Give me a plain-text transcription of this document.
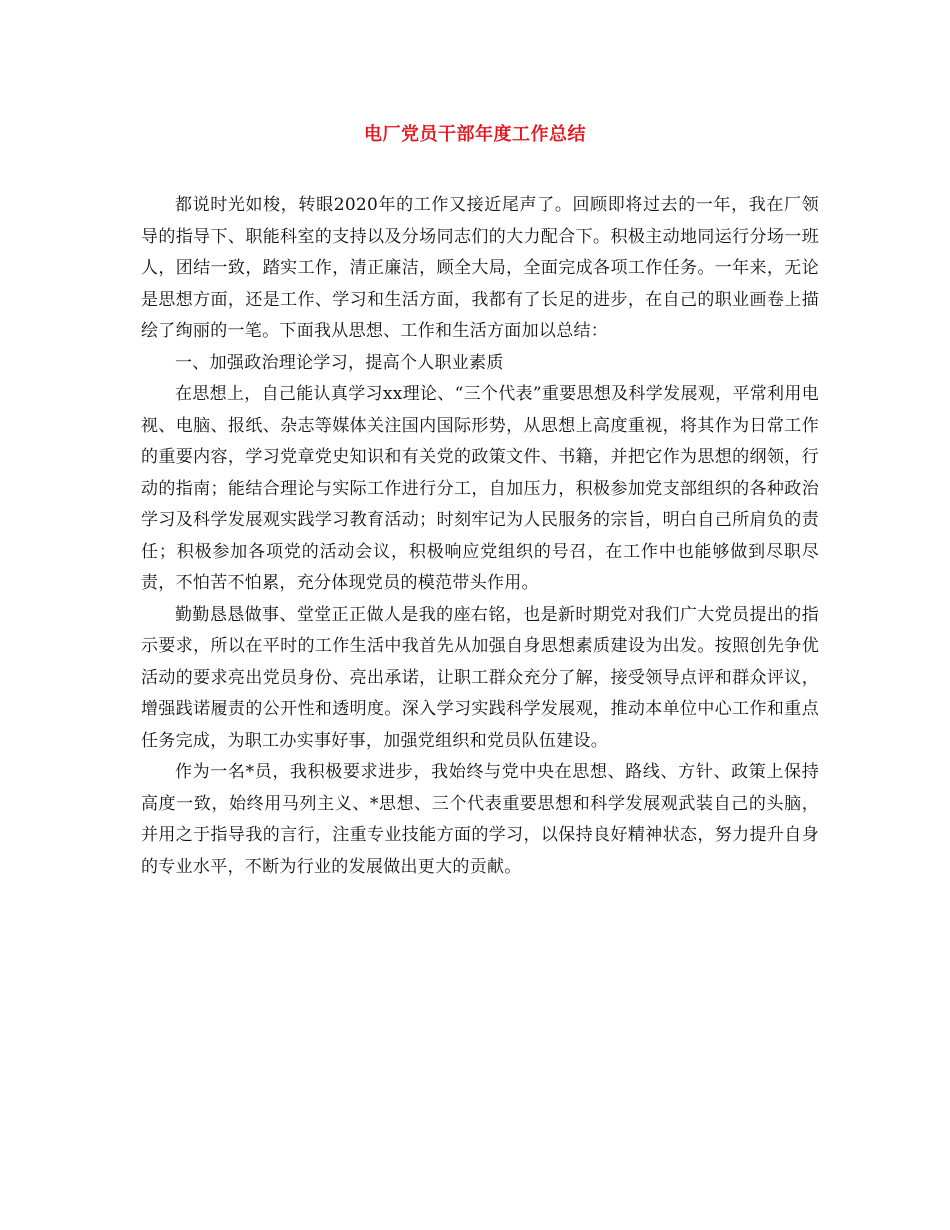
电厂党员干部年度工作总结

都说时光如梭，转眼2020年的工作又接近尾声了。回顾即将过去的一年，我在厂领导的指导下、职能科室的支持以及分场同志们的大力配合下。积极主动地同运行分场一班人，团结一致，踏实工作，清正廉洁，顾全大局，全面完成各项工作任务。一年来，无论是思想方面，还是工作、学习和生活方面，我都有了长足的进步，在自己的职业画卷上描绘了绚丽的一笔。下面我从思想、工作和生活方面加以总结：

一、加强政治理论学习，提高个人职业素质

在思想上，自己能认真学习xx理论、“三个代表”重要思想及科学发展观，平常利用电视、电脑、报纸、杂志等媒体关注国内国际形势，从思想上高度重视，将其作为日常工作的重要内容，学习党章党史知识和有关党的政策文件、书籍，并把它作为思想的纲领，行动的指南；能结合理论与实际工作进行分工，自加压力，积极参加党支部组织的各种政治学习及科学发展观实践学习教育活动；时刻牢记为人民服务的宗旨，明白自己所肩负的责任；积极参加各项党的活动会议，积极响应党组织的号召，在工作中也能够做到尽职尽责，不怕苦不怕累，充分体现党员的模范带头作用。

勤勤恳恳做事、堂堂正正做人是我的座右铭，也是新时期党对我们广大党员提出的指示要求，所以在平时的工作生活中我首先从加强自身思想素质建设为出发。按照创先争优活动的要求亮出党员身份、亮出承诺，让职工群众充分了解，接受领导点评和群众评议，增强践诺履责的公开性和透明度。深入学习实践科学发展观，推动本单位中心工作和重点任务完成，为职工办实事好事，加强党组织和党员队伍建设。

作为一名*员，我积极要求进步，我始终与党中央在思想、路线、方针、政策上保持高度一致，始终用马列主义、*思想、三个代表重要思想和科学发展观武装自己的头脑，并用之于指导我的言行，注重专业技能方面的学习，以保持良好精神状态，努力提升自身的专业水平，不断为行业的发展做出更大的贡献。
